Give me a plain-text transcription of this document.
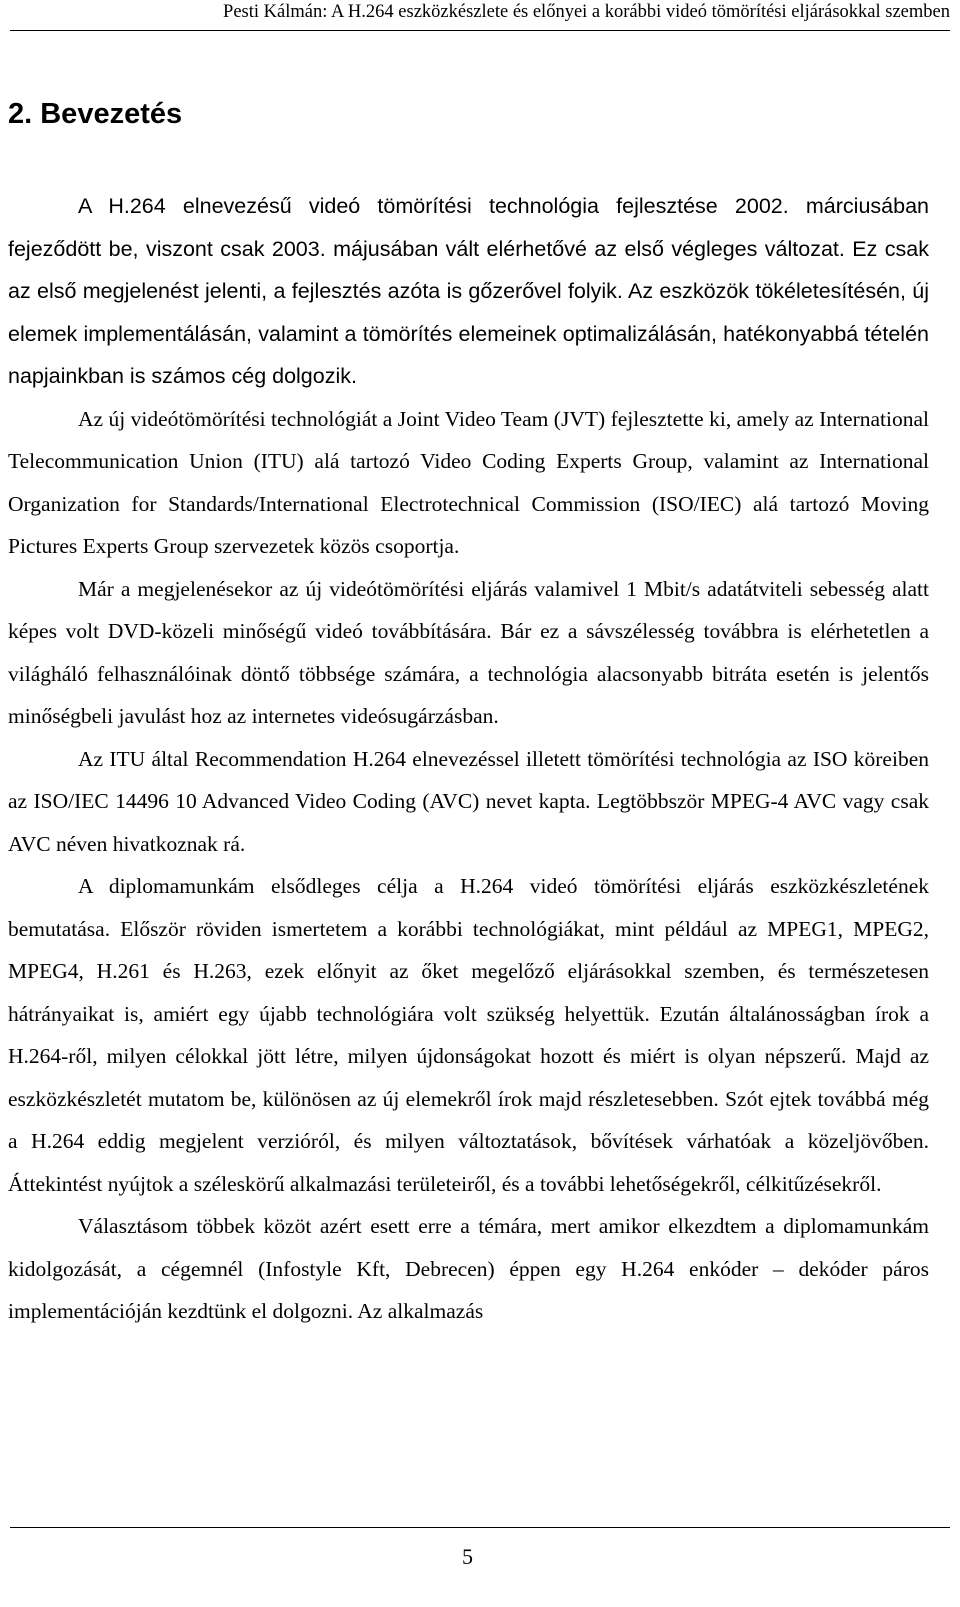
Pesti Kálmán: A H.264 eszközkészlete és előnyei a korábbi videó tömörítési eljárásokkal szemben
2. Bevezetés

A H.264 elnevezésű videó tömörítési technológia fejlesztése 2002. márciusában fejeződött be, viszont csak 2003. májusában vált elérhetővé az első végleges változat. Ez csak az első megjelenést jelenti, a fejlesztés azóta is gőzerővel folyik. Az eszközök tökéletesítésén, új elemek implementálásán, valamint a tömörítés elemeinek optimalizálásán, hatékonyabbá tételén napjainkban is számos cég dolgozik.

Az új videótömörítési technológiát a Joint Video Team (JVT) fejlesztette ki, amely az International Telecommunication Union (ITU) alá tartozó Video Coding Experts Group, valamint az International Organization for Standards/International Electrotechnical Commission (ISO/IEC) alá tartozó Moving Pictures Experts Group szervezetek közös csoportja.

Már a megjelenésekor az új videótömörítési eljárás valamivel 1 Mbit/s adatátviteli sebesség alatt képes volt DVD-közeli minőségű videó továbbítására. Bár ez a sávszélesség továbbra is elérhetetlen a világháló felhasználóinak döntő többsége számára, a technológia alacsonyabb bitráta esetén is jelentős minőségbeli javulást hoz az internetes videósugárzásban.

Az ITU által Recommendation H.264 elnevezéssel illetett tömörítési technológia az ISO köreiben az ISO/IEC 14496 10 Advanced Video Coding (AVC) nevet kapta. Legtöbbször MPEG-4 AVC vagy csak AVC néven hivatkoznak rá.

A diplomamunkám elsődleges célja a H.264 videó tömörítési eljárás eszközkészletének bemutatása. Először röviden ismertetem a korábbi technológiákat, mint például az MPEG1, MPEG2, MPEG4, H.261 és H.263, ezek előnyit az őket megelőző eljárásokkal szemben, és természetesen hátrányaikat is, amiért egy újabb technológiára volt szükség helyettük. Ezután általánosságban írok a H.264-ről, milyen célokkal jött létre, milyen újdonságokat hozott és miért is olyan népszerű. Majd az eszközkészletét mutatom be, különösen az új elemekről írok majd részletesebben. Szót ejtek továbbá még a H.264 eddig megjelent verzióról, és milyen változtatások, bővítések várhatóak a közeljövőben. Áttekintést nyújtok a széleskörű alkalmazási területeiről, és a további lehetőségekről, célkitűzésekről.

Választásom többek közöt azért esett erre a témára, mert amikor elkezdtem a diplomamunkám kidolgozását, a cégemnél (Infostyle Kft, Debrecen) éppen egy H.264 enkóder – dekóder páros implementációján kezdtünk el dolgozni. Az alkalmazás

5
